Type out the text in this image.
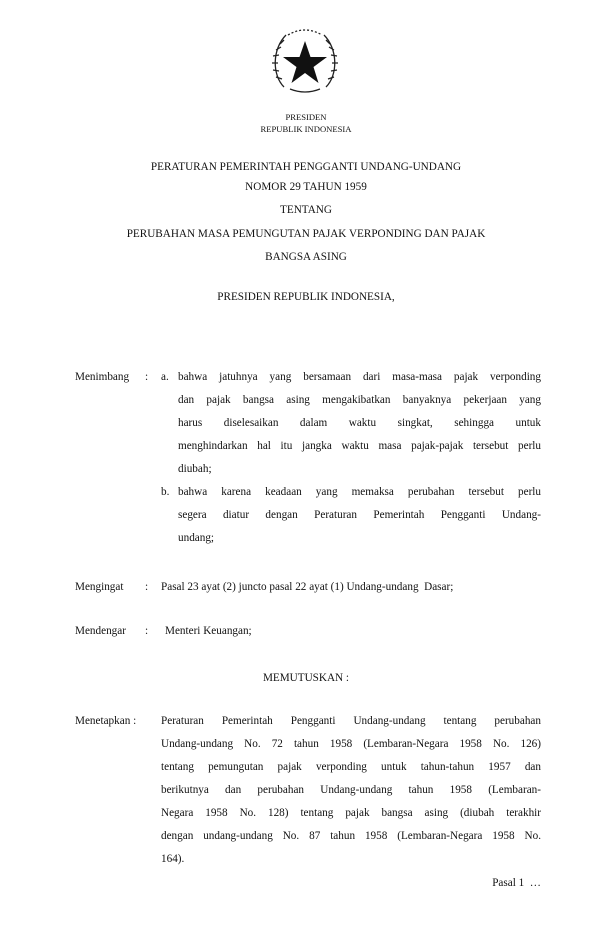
PRESIDEN
REPUBLIK INDONESIA
PERATURAN PEMERINTAH PENGGANTI UNDANG-UNDANG
NOMOR 29 TAHUN 1959
TENTANG
PERUBAHAN MASA PEMUNGUTAN PAJAK VERPONDING DAN PAJAK
BANGSA ASING
PRESIDEN REPUBLIK INDONESIA,
Menimbang : a. bahwa jatuhnya yang bersamaan dari masa-masa pajak verponding
dan pajak bangsa asing mengakibatkan banyaknya pekerjaan yang
harus diselesaikan dalam waktu singkat, sehingga untuk
menghindarkan hal itu jangka waktu masa pajak-pajak tersebut perlu
diubah;
b. bahwa karena keadaan yang memaksa perubahan tersebut perlu
segera diatur dengan Peraturan Pemerintah Pengganti Undang-
undang;
Mengingat : Pasal 23 ayat (2) juncto pasal 22 ayat (1) Undang-undang  Dasar;
Mendengar : Menteri Keuangan;
MEMUTUSKAN :
Menetapkan : Peraturan Pemerintah Pengganti Undang-undang tentang perubahan
Undang-undang No. 72 tahun 1958 (Lembaran-Negara 1958 No. 126)
tentang pemungutan pajak verponding untuk tahun-tahun 1957 dan
berikutnya dan perubahan Undang-undang tahun 1958 (Lembaran-
Negara 1958 No. 128) tentang pajak bangsa asing (diubah terakhir
dengan undang-undang No. 87 tahun 1958 (Lembaran-Negara 1958 No.
164).
Pasal 1  …
